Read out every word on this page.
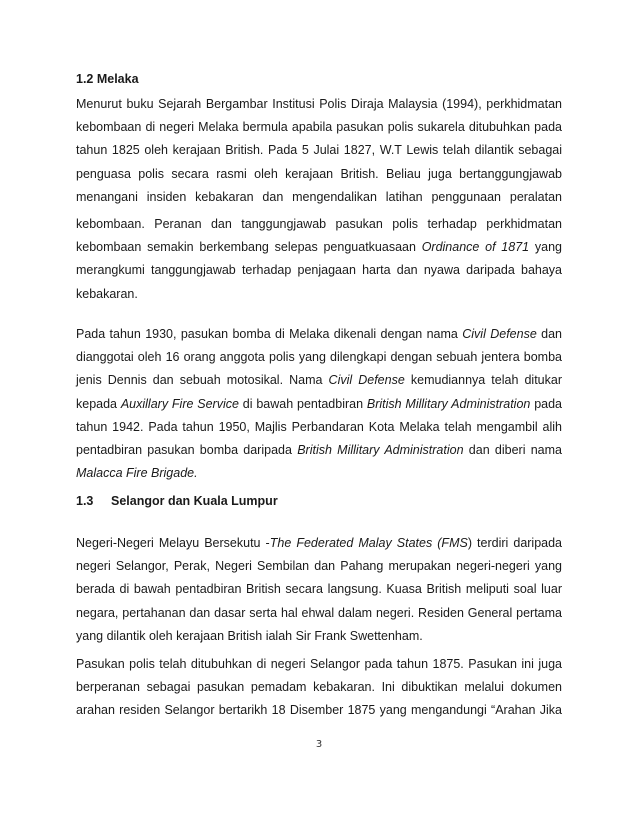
1.2 Melaka
Menurut buku Sejarah Bergambar Institusi Polis Diraja Malaysia (1994), perkhidmatan
kebombaan di negeri Melaka bermula apabila pasukan polis sukarela ditubuhkan pada
tahun 1825 oleh kerajaan British. Pada 5 Julai 1827, W.T Lewis telah dilantik sebagai
penguasa polis secara rasmi oleh kerajaan British. Beliau juga bertanggungjawab
menangani insiden kebakaran dan mengendalikan latihan penggunaan peralatan
kebombaan. Peranan dan tanggungjawab pasukan polis terhadap perkhidmatan
kebombaan semakin berkembang selepas penguatkuasaan Ordinance of 1871 yang
merangkumi tanggungjawab terhadap penjagaan harta dan nyawa daripada bahaya
kebakaran.
Pada tahun 1930, pasukan bomba di Melaka dikenali dengan nama Civil Defense dan
dianggotai oleh 16 orang anggota polis yang dilengkapi dengan sebuah jentera bomba
jenis Dennis dan sebuah motosikal. Nama Civil Defense kemudiannya telah ditukar
kepada Auxillary Fire Service di bawah pentadbiran British Millitary Administration pada
tahun 1942. Pada tahun 1950, Majlis Perbandaran Kota Melaka telah mengambil alih
pentadbiran pasukan bomba daripada British Millitary Administration dan diberi nama
Malacca Fire Brigade.
1.3 Selangor dan Kuala Lumpur
Negeri-Negeri Melayu Bersekutu -The Federated Malay States (FMS) terdiri daripada
negeri Selangor, Perak, Negeri Sembilan dan Pahang merupakan negeri-negeri yang
berada di bawah pentadbiran British secara langsung. Kuasa British meliputi soal luar
negara, pertahanan dan dasar serta hal ehwal dalam negeri. Residen General pertama
yang dilantik oleh kerajaan British ialah Sir Frank Swettenham.
Pasukan polis telah ditubuhkan di negeri Selangor pada tahun 1875. Pasukan ini juga
berperanan sebagai pasukan pemadam kebakaran. Ini dibuktikan melalui dokumen
arahan residen Selangor bertarikh 18 Disember 1875 yang mengandungi “Arahan Jika
3
